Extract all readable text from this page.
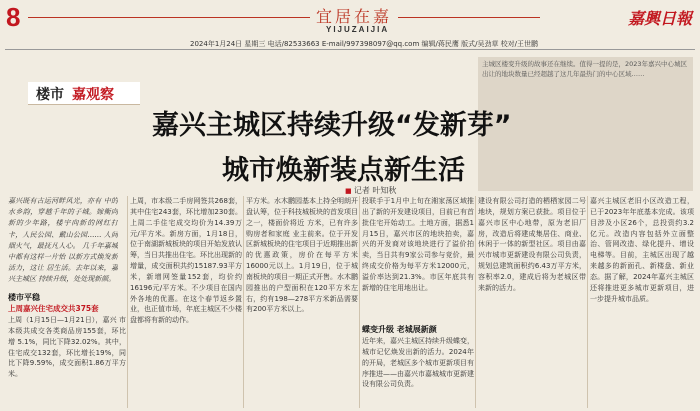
8	宜居在嘉
YIJUZAIJIA
嘉興日報
2024年1月24日 星期三 电话/82533663 E-mail/997398097@qq.com 编辑/蒋民鹰 版式/吴劲草 校对/王世鹏
主城区楼变升级的故事还在继续。值得一提的是，2023年嘉兴中心城区出让的地块数量已经超越了这几年最热门的中心区域……
楼市 嘉观察
嘉兴主城区持续升级“发新芽”
城市焕新装点新生活
■ 记者 叶知秋
嘉兴既有古运河畔风光，亦有 中的水乡韵，穿越千年的子城。嫁衡向新的少年路，楼宇向新的网红打卡，人民公园、戴山公园…… 人间烟火气，最抚凡人心。 几千年嘉城中都有这样一片怡 以新方式焕发新活力，这让 居生活。去年以来，嘉兴主城区 持续升级，处处现新颜。
楼市平稳
上周嘉兴住宅成交共375套
上周（1月15日—1月21日），嘉兴 市本级共成交各类商品房155套，环比增 5.1%，同比下降32.02%。其中，住宅成交132套，环比增长19%，同比下降9.59%，成交面积1.86万平方米。
上周，市本级二手房网签共268套，其中住宅243套，环比增加230套。上周二手住宅成交均价为14.39万元/平方米。新房方面，1月18日，位于南湖新城板块的项目开始发放认筹，当日共推出住宅。环比出现新的增量，成交面积共约15187.93平方米，新增网签量152套，均价约16196元/平方米。不少项目在国内外各地的优惠。在这个春节返乡置业，也正值市场，年底主城区不少楼盘都将有新的动作。
平方米。水木鹏园基本上持全明朗开盘认筹，位于科技城板块的首发项目之一，楼面价将近 方米，已有许多购房者和家庭 业主前来。位于开发区新城板块的住宅项目于近期推出新的优惠政策，房价在每平方米16000元以上。1月19日，位于城南板块的项目一期正式开售。水木鹏园推出的户型面积在120平方米左右，约有198—278平方米新品需要有200平方米以上。
投联手于1月中上旬在湘家荡区域推出了新的开发建设项目，目前已有首批住宅开始动工。土地方面，据悉1月15日，嘉兴市区的地块拍卖，嘉兴的开发商对该地块进行了溢价拍卖，当日共有9家公司参与竞价，最终成交价格为每平方米12000元，溢价率达到21.3%。市区年底共有新增的住宅用地出让。
蝶变升级 老城展新颜
近年来，嘉兴主城区持续升级蝶变，城市记忆焕发出新的活力。2024年的开局，老城区多个城市更新项目有序推进——由嘉兴市嘉城城市更新建设有限公司负责。
建设有限公司打造的栖栖家园二号地块，规划方案已获批。项目位于嘉兴市区中心地带，原为老旧厂房，改造后将建成集居住、商业、休闲于一体的新型社区。项目由嘉兴市城市更新建设有限公司负责，规划总建筑面积约6.43万平方米，容积率2.0，建成后将为老城区带来新的活力。
嘉兴主城区老旧小区改造工程，已于2023年年底基本完成。该项目涉及小区26个，总投资约3.2亿元。改造内容包括外立面整治、管网改造、绿化提升、增设电梯等。目前，主城区出现了越来越多的新面孔、新楼盘、新业态。据了解，2024年嘉兴主城区还将推进更多城市更新项目，进一步提升城市品质。
